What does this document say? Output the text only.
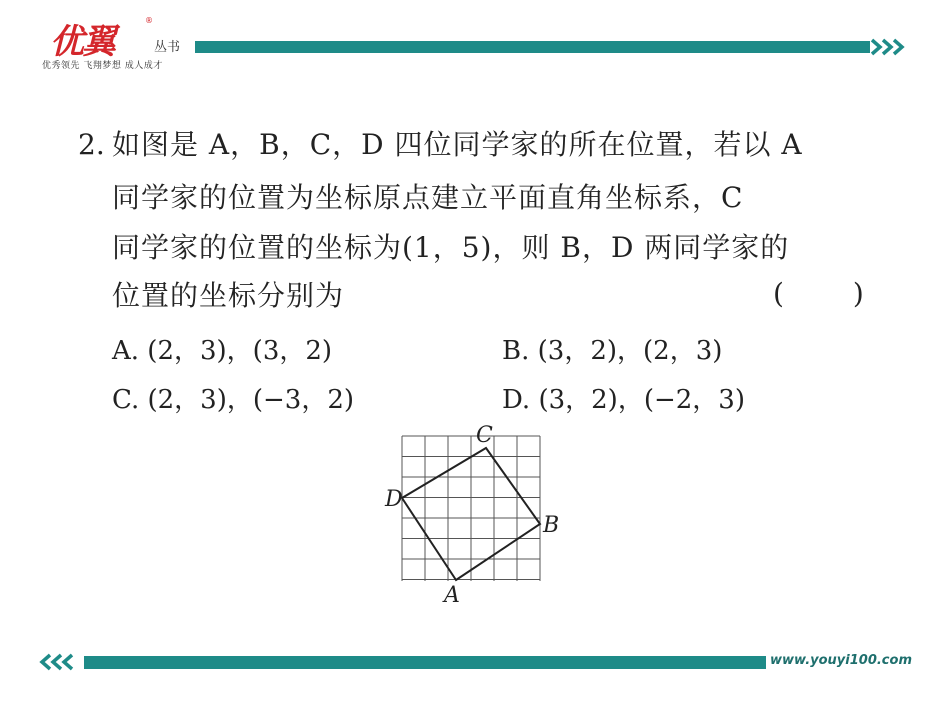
优翼
®
丛书
优秀领先 飞翔梦想 成人成才
2. 如图是 A，B，C，D 四位同学家的所在位置，若以 A
同学家的位置为坐标原点建立平面直角坐标系，C
同学家的位置的坐标为(1，5)，则 B，D 两同学家的
位置的坐标分别为	( )
A. (2，3)，(3，2)	B. (3，2)，(2，3)
C. (2，3)，(−3，2)	D. (3，2)，(−2，3)
C
D
B
A
www.youyi100.com
